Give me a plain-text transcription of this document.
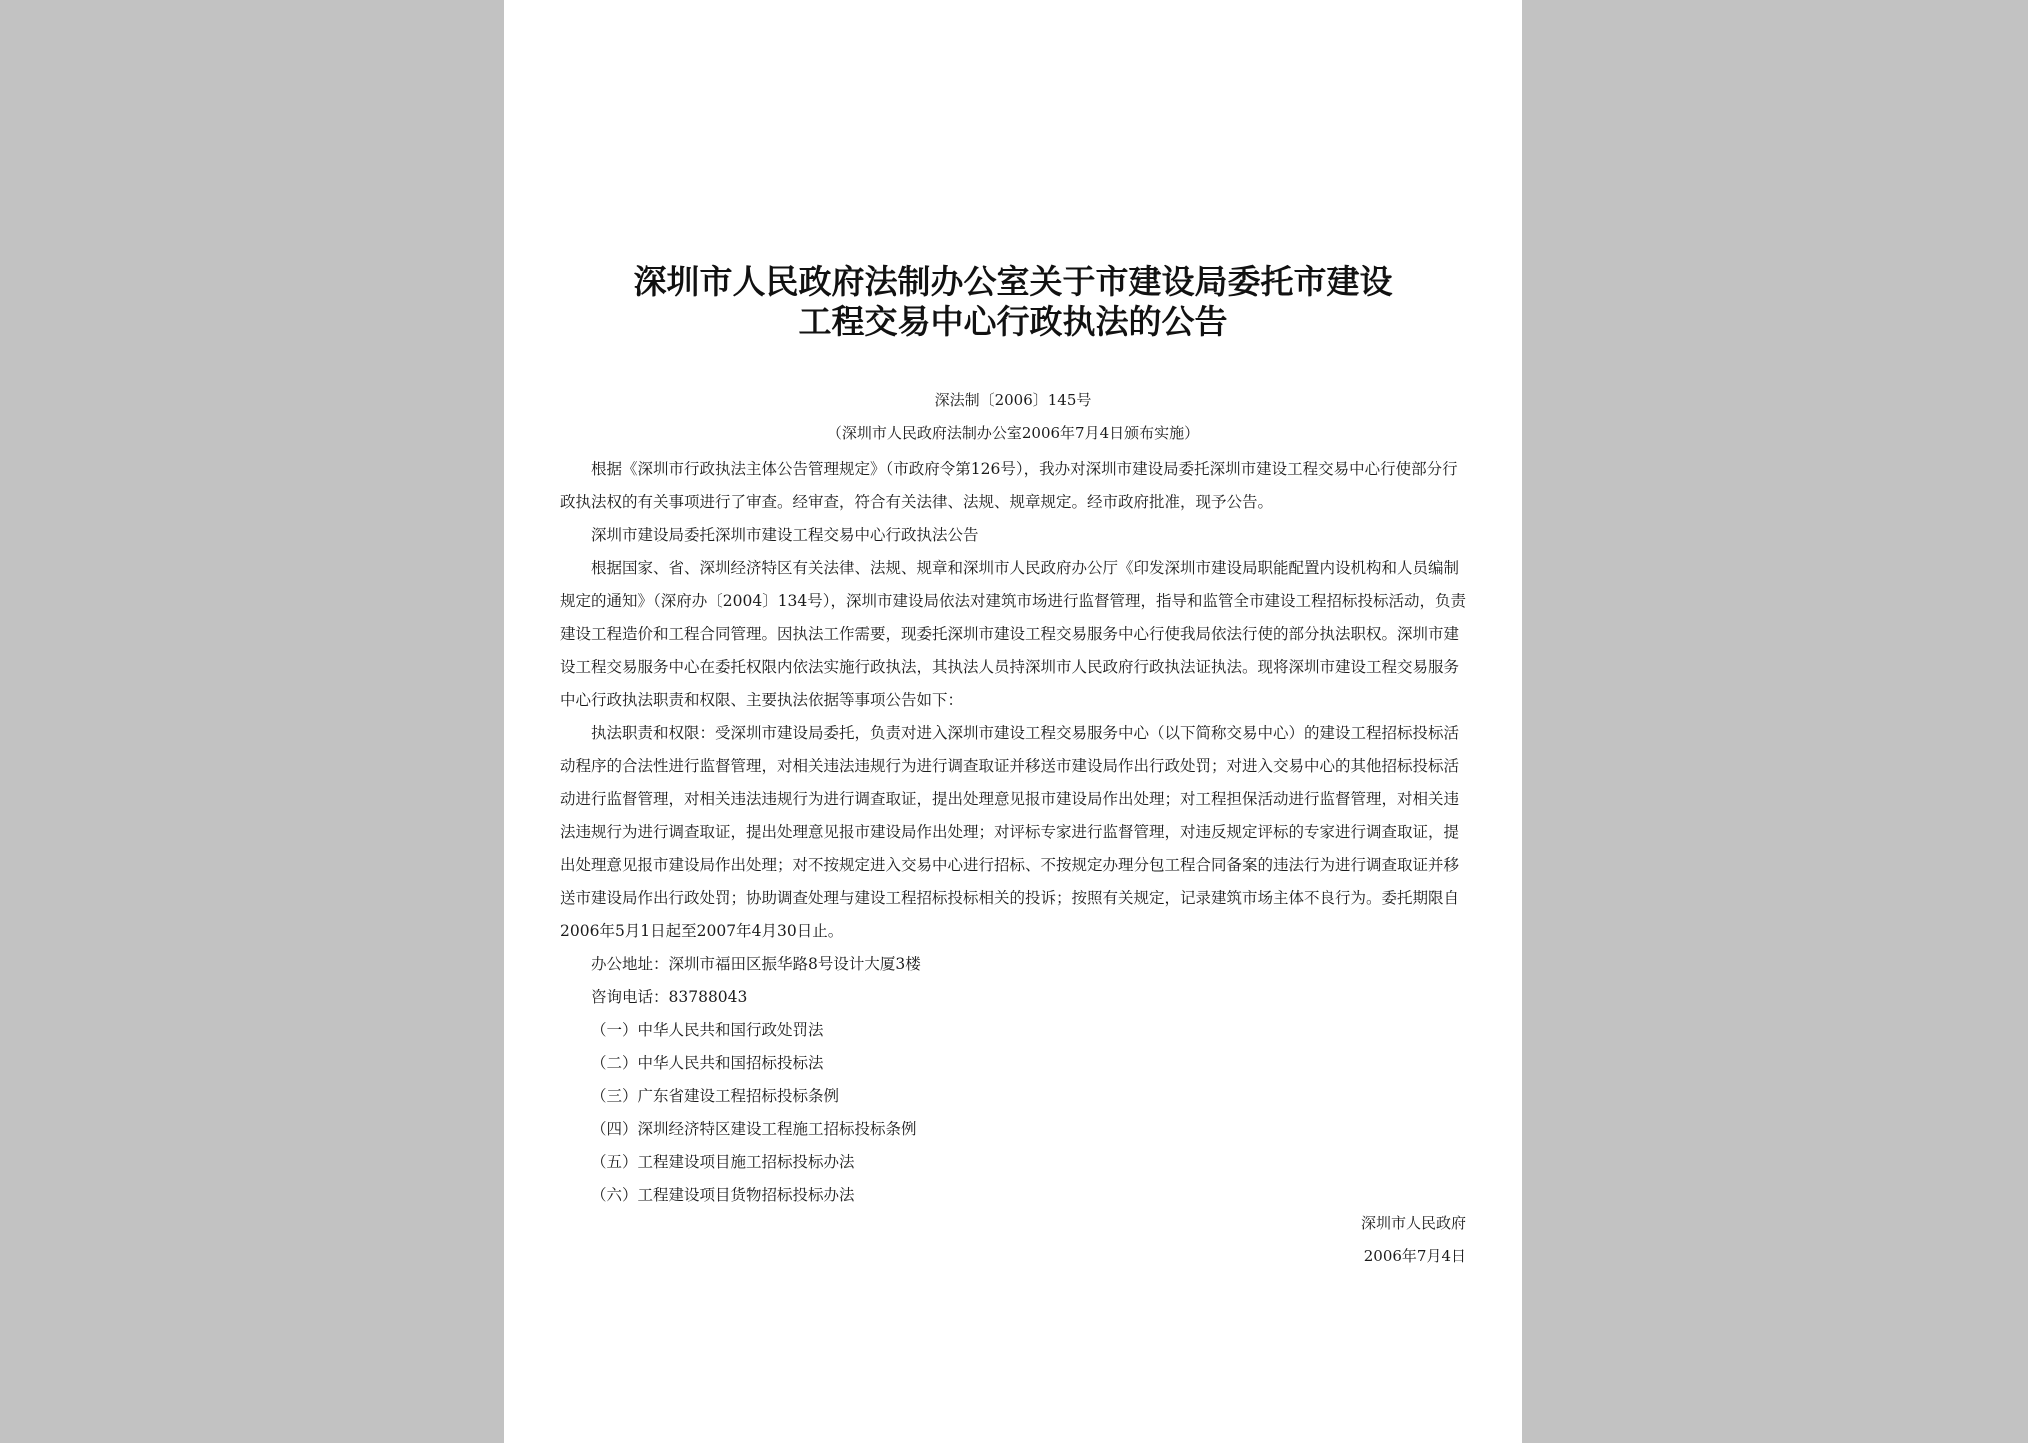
深圳市人民政府法制办公室关于市建设局委托市建设
工程交易中心行政执法的公告
深法制〔2006〕145号
（深圳市人民政府法制办公室2006年7月4日颁布实施）

根据《深圳市行政执法主体公告管理规定》（市政府令第126号），我办对深圳市建设局委托深圳市建设工程交易中心行使部分行政执法权的有关事项进行了审查。经审查，符合有关法律、法规、规章规定。经市政府批准，现予公告。

深圳市建设局委托深圳市建设工程交易中心行政执法公告

根据国家、省、深圳经济特区有关法律、法规、规章和深圳市人民政府办公厅《印发深圳市建设局职能配置内设机构和人员编制规定的通知》（深府办〔2004〕134号），深圳市建设局依法对建筑市场进行监督管理，指导和监管全市建设工程招标投标活动，负责建设工程造价和工程合同管理。因执法工作需要，现委托深圳市建设工程交易服务中心行使我局依法行使的部分执法职权。深圳市建设工程交易服务中心在委托权限内依法实施行政执法，其执法人员持深圳市人民政府行政执法证执法。现将深圳市建设工程交易服务中心行政执法职责和权限、主要执法依据等事项公告如下：

执法职责和权限：受深圳市建设局委托，负责对进入深圳市建设工程交易服务中心（以下简称交易中心）的建设工程招标投标活动程序的合法性进行监督管理，对相关违法违规行为进行调查取证并移送市建设局作出行政处罚；对进入交易中心的其他招标投标活动进行监督管理，对相关违法违规行为进行调查取证，提出处理意见报市建设局作出处理；对工程担保活动进行监督管理，对相关违法违规行为进行调查取证，提出处理意见报市建设局作出处理；对评标专家进行监督管理，对违反规定评标的专家进行调查取证，提出处理意见报市建设局作出处理；对不按规定进入交易中心进行招标、不按规定办理分包工程合同备案的违法行为进行调查取证并移送市建设局作出行政处罚；协助调查处理与建设工程招标投标相关的投诉；按照有关规定，记录建筑市场主体不良行为。委托期限自2006年5月1日起至2007年4月30日止。

办公地址：深圳市福田区振华路8号设计大厦3楼

咨询电话：83788043

（一）中华人民共和国行政处罚法

（二）中华人民共和国招标投标法

（三）广东省建设工程招标投标条例

（四）深圳经济特区建设工程施工招标投标条例

（五）工程建设项目施工招标投标办法

（六）工程建设项目货物招标投标办法

深圳市人民政府
2006年7月4日
